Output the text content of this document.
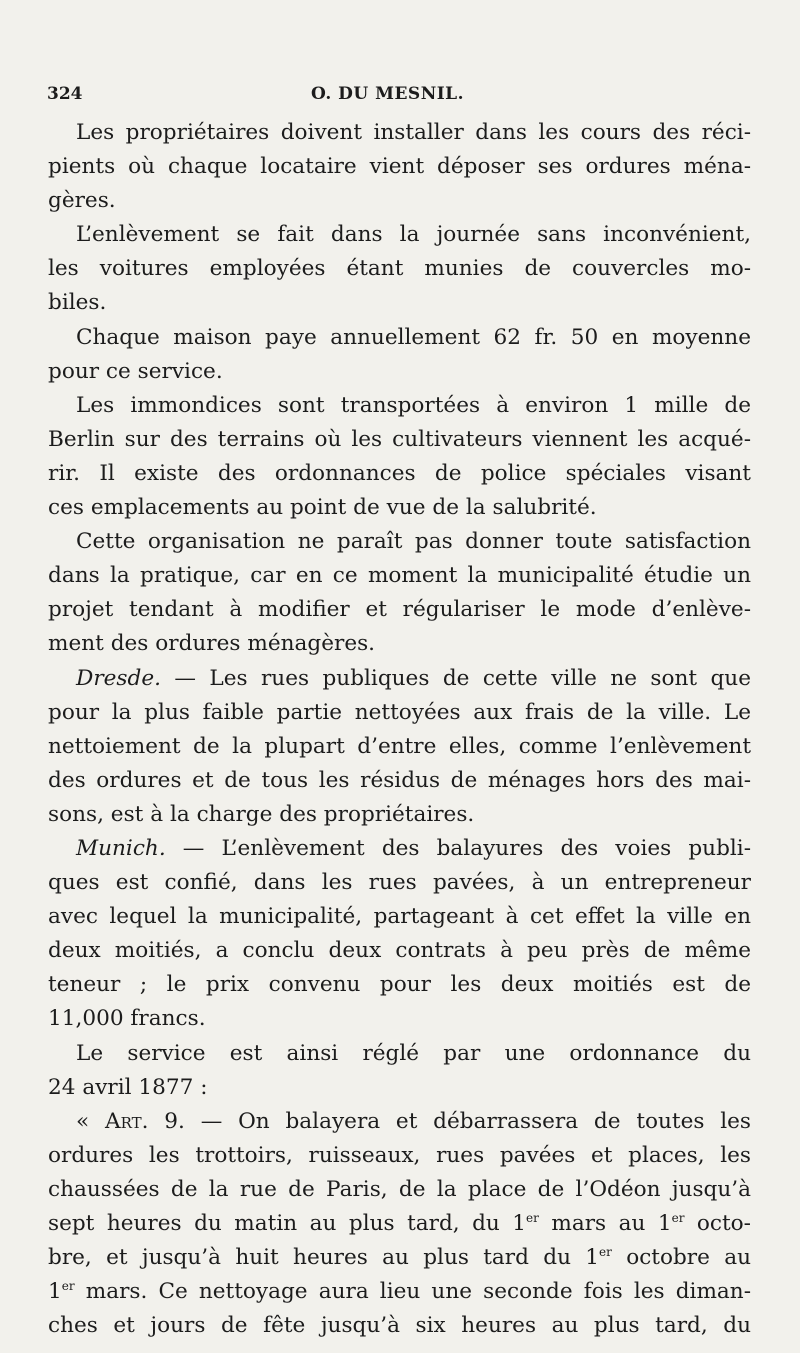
324	O. DU MESNIL.
Les propriétaires doivent installer dans les cours des réci-
pients où chaque locataire vient déposer ses ordures ména-
gères.
L’enlèvement se fait dans la journée sans inconvénient,
les voitures employées étant munies de couvercles mo-
biles.
Chaque maison paye annuellement 62 fr. 50 en moyenne
pour ce service.
Les immondices sont transportées à environ 1 mille de
Berlin sur des terrains où les cultivateurs viennent les acqué-
rir. Il existe des ordonnances de police spéciales visant
ces emplacements au point de vue de la salubrité.
Cette organisation ne paraît pas donner toute satisfaction
dans la pratique, car en ce moment la municipalité étudie un
projet tendant à modifier et régulariser le mode d’enlève-
ment des ordures ménagères.
Dresde. — Les rues publiques de cette ville ne sont que
pour la plus faible partie nettoyées aux frais de la ville. Le
nettoiement de la plupart d’entre elles, comme l’enlèvement
des ordures et de tous les résidus de ménages hors des mai-
sons, est à la charge des propriétaires.
Munich. — L’enlèvement des balayures des voies publi-
ques est confié, dans les rues pavées, à un entrepreneur
avec lequel la municipalité, partageant à cet effet la ville en
deux moitiés, a conclu deux contrats à peu près de même
teneur ; le prix convenu pour les deux moitiés est de
11,000 francs.
Le service est ainsi réglé par une ordonnance du
24 avril 1877 :
« Art. 9. — On balayera et débarrassera de toutes les
ordures les trottoirs, ruisseaux, rues pavées et places, les
chaussées de la rue de Paris, de la place de l’Odéon jusqu’à
sept heures du matin au plus tard, du 1er mars au 1er octo-
bre, et jusqu’à huit heures au plus tard du 1er octobre au
1er mars. Ce nettoyage aura lieu une seconde fois les diman-
ches et jours de fête jusqu’à six heures au plus tard, du
